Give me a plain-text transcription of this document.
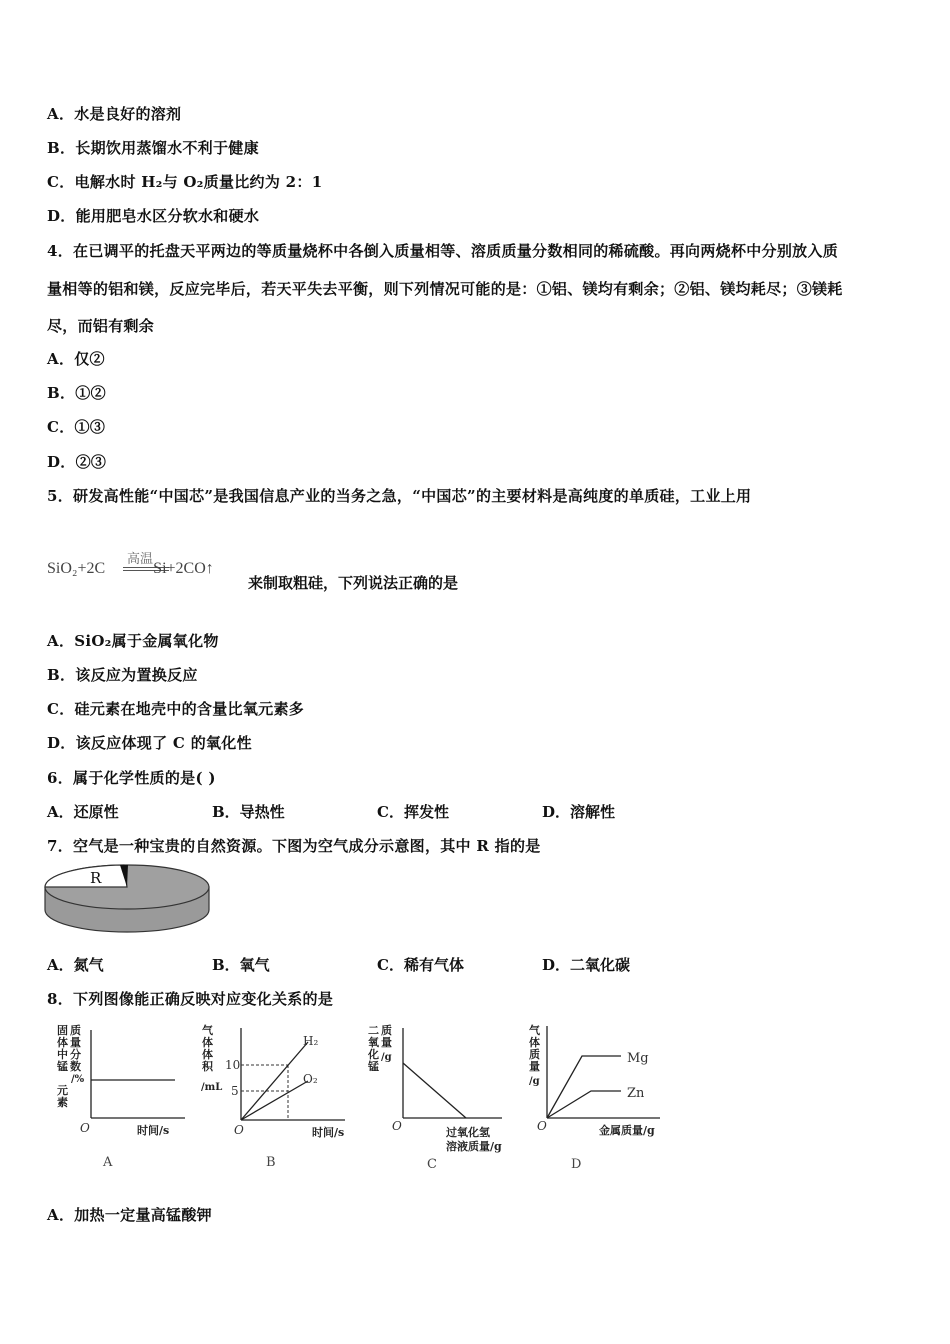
A．水是良好的溶剂
B．长期饮用蒸馏水不利于健康
C．电解水时 H₂与 O₂质量比约为 2：1
D．能用肥皂水区分软水和硬水
4．在已调平的托盘天平两边的等质量烧杯中各倒入质量相等、溶质质量分数相同的稀硫酸。再向两烧杯中分别放入质
量相等的铝和镁，反应完毕后，若天平失去平衡，则下列情况可能的是：①铝、镁均有剩余；②铝、镁均耗尽；③镁耗
尽，而铝有剩余
A．仅②
B．①②
C．①③
D．②③
5．研发高性能“中国芯”是我国信息产业的当务之急，“中国芯”的主要材料是高纯度的单质硅，工业上用
高温
SiO₂+2C	Si+2CO↑
来制取粗硅，下列说法正确的是
A．SiO₂属于金属氧化物
B．该反应为置换反应
C．硅元素在地壳中的含量比氧元素多
D．该反应体现了 C 的氧化性
6．属于化学性质的是( )
A．还原性	B．导热性	C．挥发性	D．溶解性
7．空气是一种宝贵的自然资源。下图为空气成分示意图，其中 R 指的是
R
A．氮气	B．氧气	C．稀有气体	D．二氧化碳
8．下列图像能正确反映对应变化关系的是
固
体
中
锰
元
素
质
量
分
数
/%
O	时间/s
A
气
体
体
积
/mL
10
5
H₂
O₂
O	时间/s
B
二
氧
化
锰
质
量
/g
O	过氧化氢
溶液质量/g
C
气
体
质
量
/g
Mg
Zn
O	金属质量/g
D
A．加热一定量高锰酸钾
